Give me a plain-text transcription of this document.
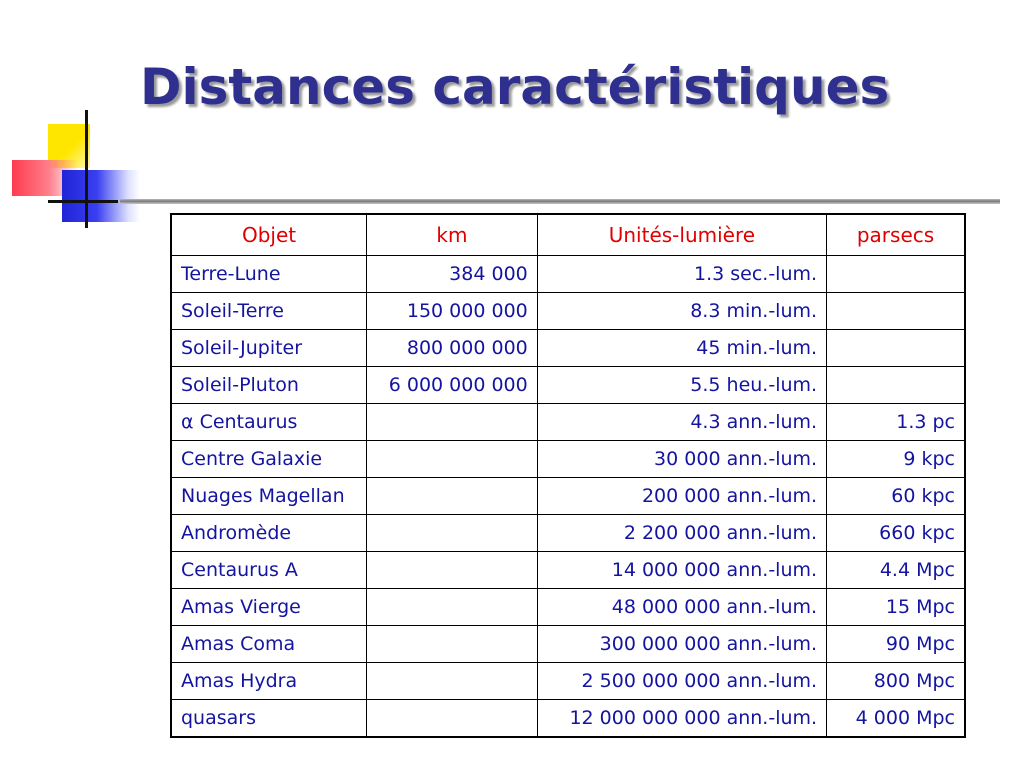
Distances caractéristiques
Objet	km	Unités-lumière	parsecs
Terre-Lune	384 000	1.3 sec.-lum.	
Soleil-Terre	150 000 000	8.3 min.-lum.	
Soleil-Jupiter	800 000 000	45 min.-lum.	
Soleil-Pluton	6 000 000 000	5.5 heu.-lum.	
α Centaurus		4.3 ann.-lum.	1.3 pc
Centre Galaxie		30 000 ann.-lum.	9 kpc
Nuages Magellan		200 000 ann.-lum.	60 kpc
Andromède		2 200 000 ann.-lum.	660 kpc
Centaurus A		14 000 000 ann.-lum.	4.4 Mpc
Amas Vierge		48 000 000 ann.-lum.	15 Mpc
Amas Coma		300 000 000 ann.-lum.	90 Mpc
Amas Hydra		2 500 000 000 ann.-lum.	800 Mpc
quasars		12 000 000 000 ann.-lum.	4 000 Mpc
